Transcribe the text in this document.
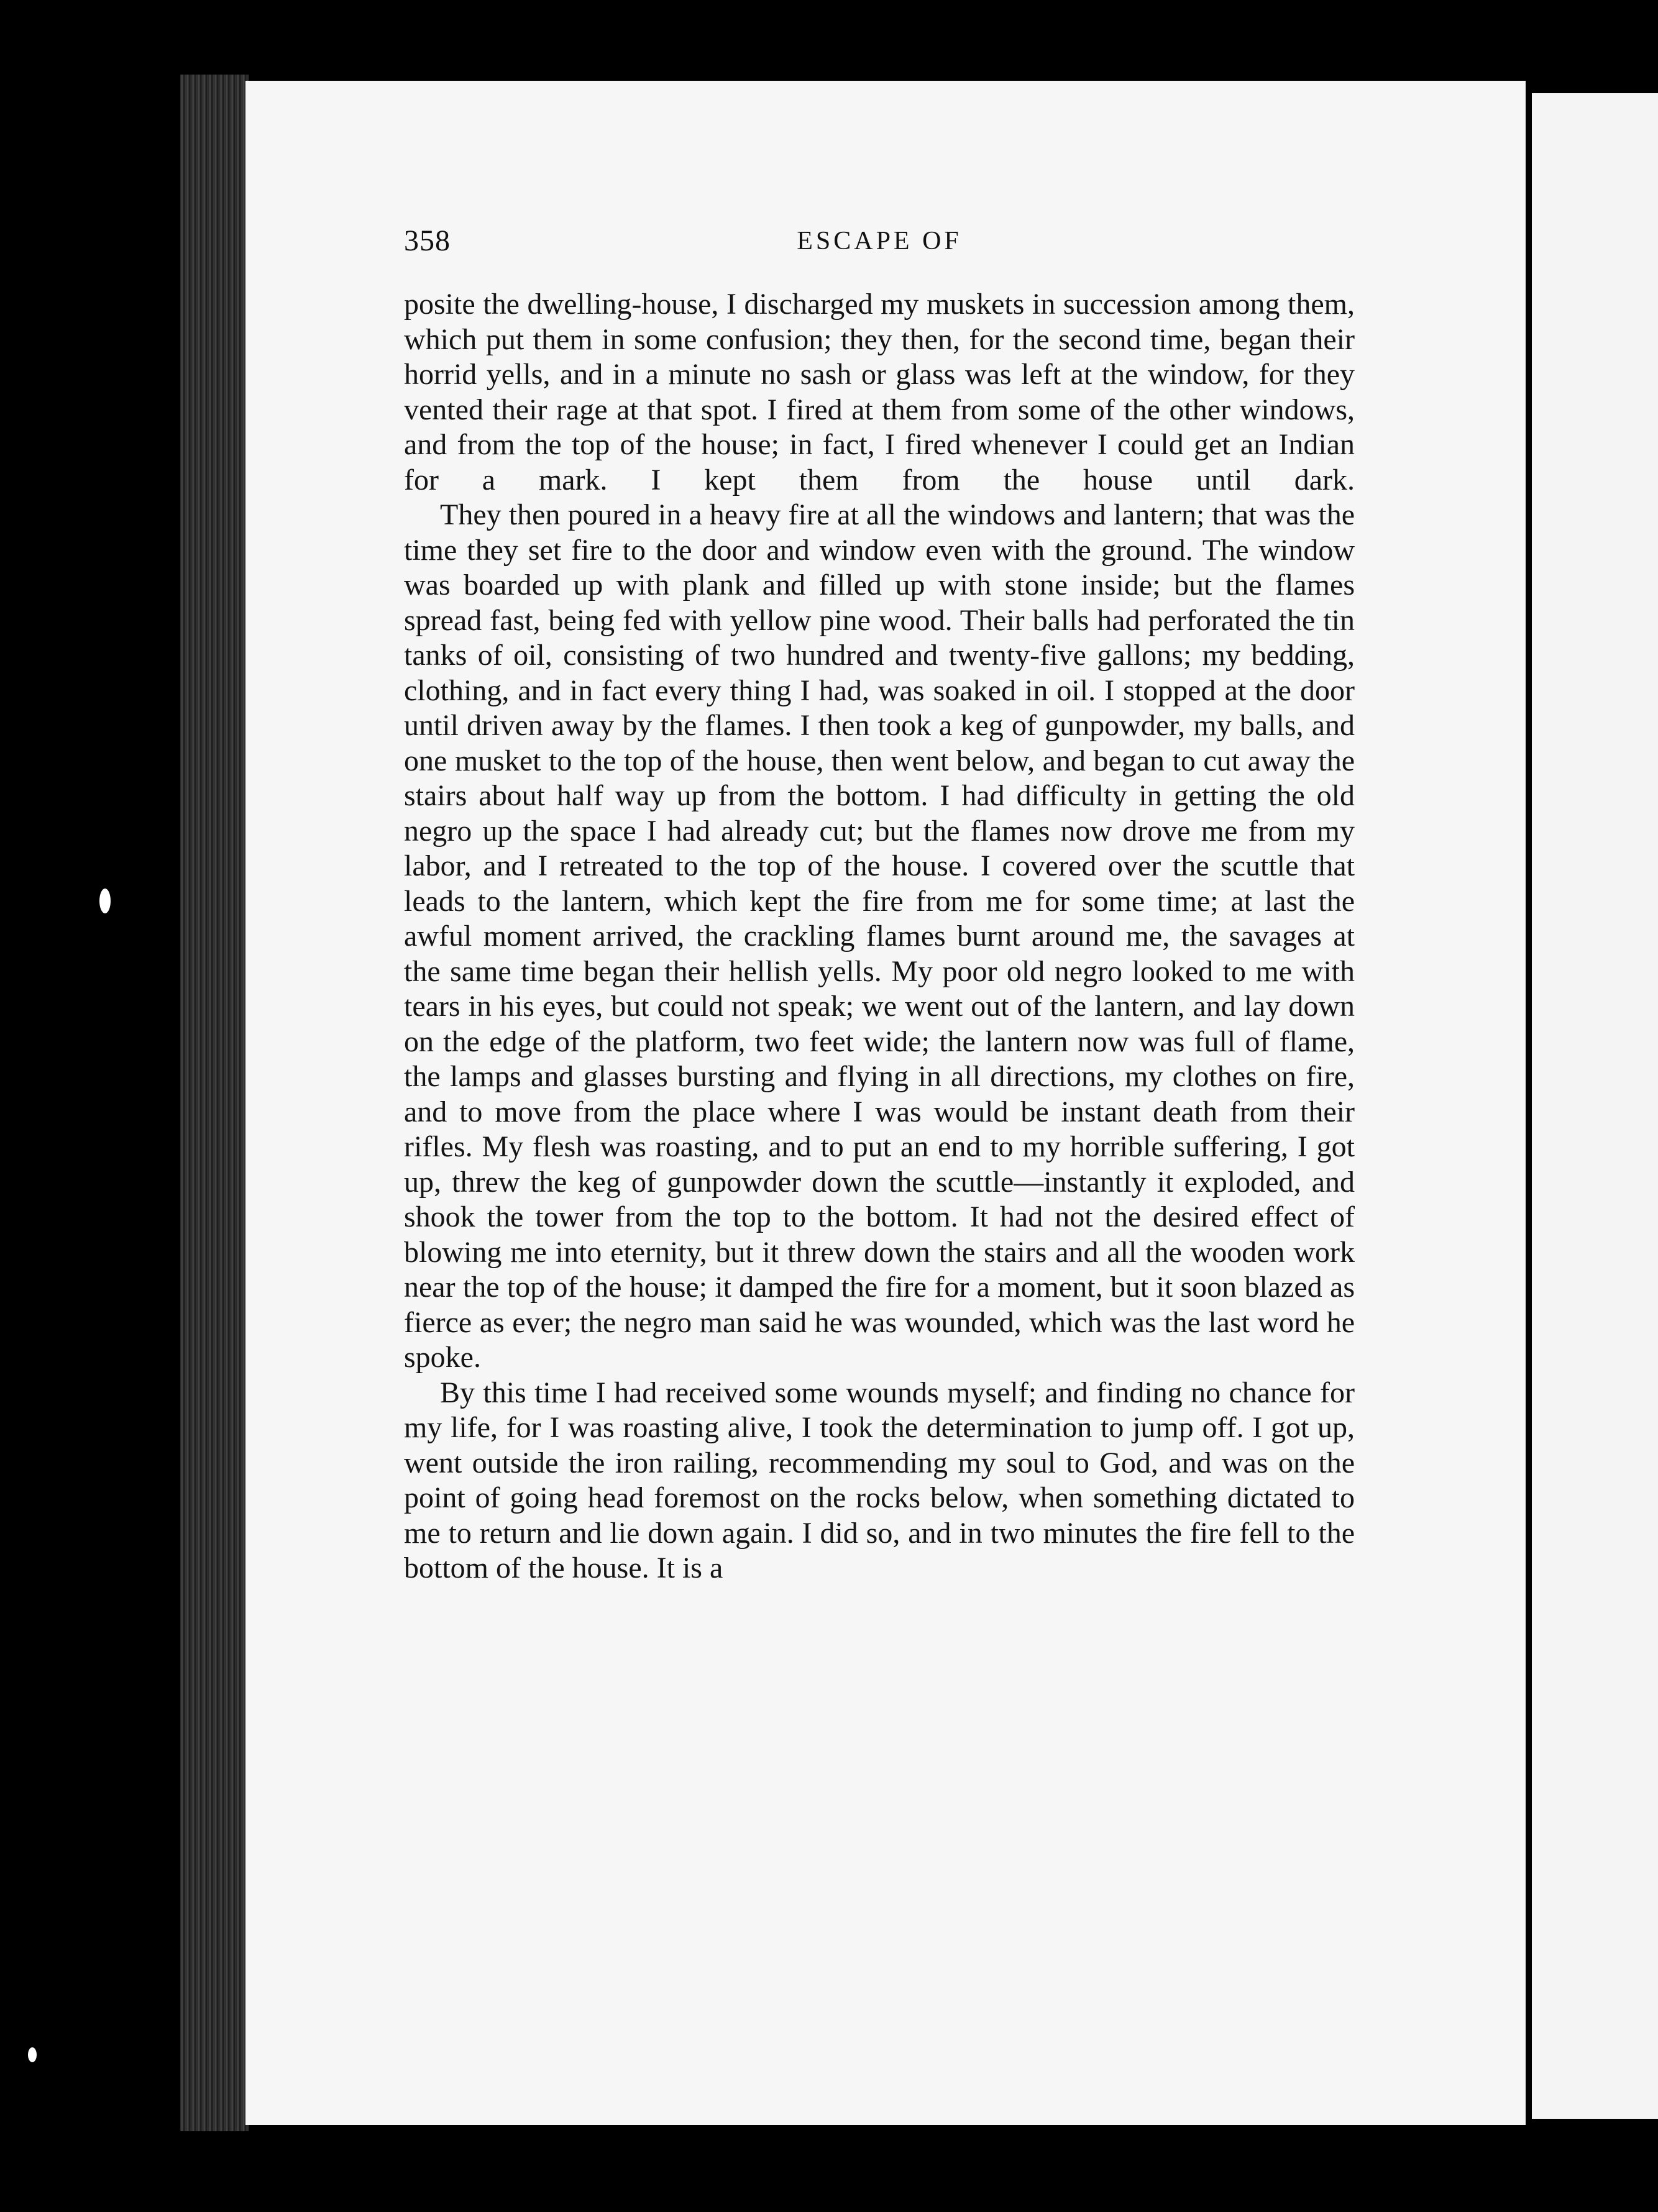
358	ESCAPE OF

posite the dwelling-house, I discharged my muskets in succession among them, which put them in some confusion; they then, for the second time, began their horrid yells, and in a minute no sash or glass was left at the window, for they vented their rage at that spot. I fired at them from some of the other windows, and from the top of the house; in fact, I fired whenever I could get an Indian for a mark. I kept them from the house until dark.

They then poured in a heavy fire at all the windows and lantern; that was the time they set fire to the door and window even with the ground. The window was boarded up with plank and filled up with stone inside; but the flames spread fast, being fed with yellow pine wood. Their balls had perforated the tin tanks of oil, consisting of two hundred and twenty-five gallons; my bedding, clothing, and in fact every thing I had, was soaked in oil. I stopped at the door until driven away by the flames. I then took a keg of gunpowder, my balls, and one musket to the top of the house, then went below, and began to cut away the stairs about half way up from the bottom. I had difficulty in getting the old negro up the space I had already cut; but the flames now drove me from my labor, and I retreated to the top of the house. I covered over the scuttle that leads to the lantern, which kept the fire from me for some time; at last the awful moment arrived, the crackling flames burnt around me, the savages at the same time began their hellish yells. My poor old negro looked to me with tears in his eyes, but could not speak; we went out of the lantern, and lay down on the edge of the platform, two feet wide; the lantern now was full of flame, the lamps and glasses bursting and flying in all directions, my clothes on fire, and to move from the place where I was would be instant death from their rifles. My flesh was roasting, and to put an end to my horrible suffering, I got up, threw the keg of gunpowder down the scuttle—instantly it exploded, and shook the tower from the top to the bottom. It had not the desired effect of blowing me into eternity, but it threw down the stairs and all the wooden work near the top of the house; it damped the fire for a moment, but it soon blazed as fierce as ever; the negro man said he was wounded, which was the last word he spoke.

By this time I had received some wounds myself; and finding no chance for my life, for I was roasting alive, I took the determination to jump off. I got up, went outside the iron railing, recommending my soul to God, and was on the point of going head foremost on the rocks below, when something dictated to me to return and lie down again. I did so, and in two minutes the fire fell to the bottom of the house. It is a
